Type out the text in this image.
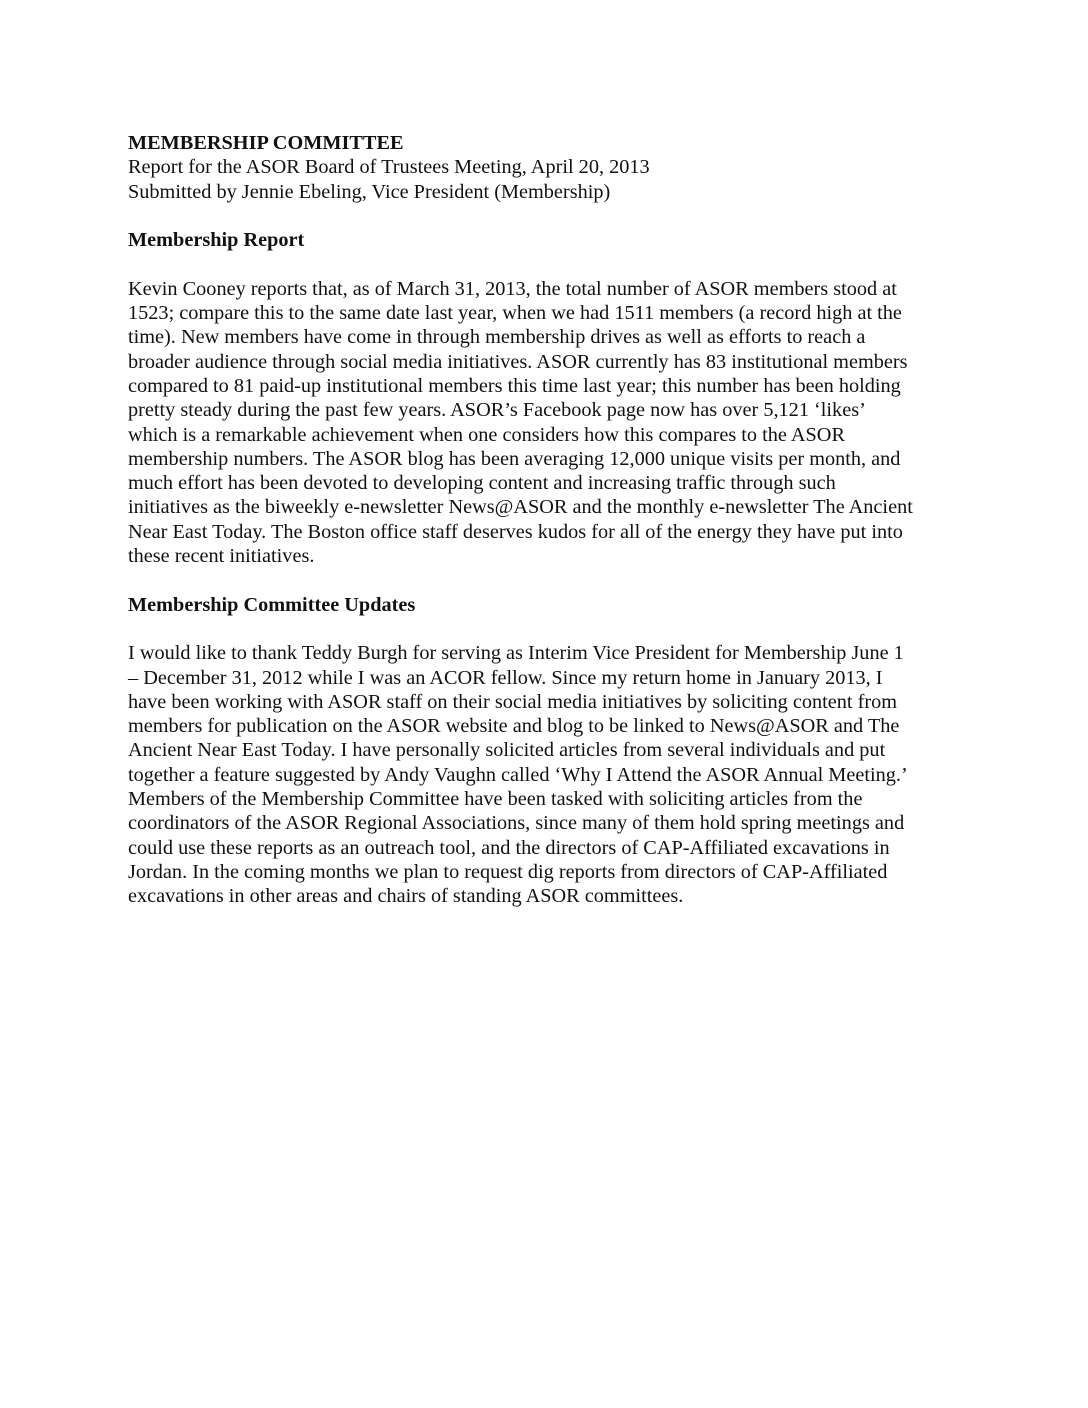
MEMBERSHIP COMMITTEE
Report for the ASOR Board of Trustees Meeting, April 20, 2013
Submitted by Jennie Ebeling, Vice President (Membership)
Membership Report
Kevin Cooney reports that, as of March 31, 2013, the total number of ASOR members stood at
1523; compare this to the same date last year, when we had 1511 members (a record high at the
time). New members have come in through membership drives as well as efforts to reach a
broader audience through social media initiatives. ASOR currently has 83 institutional members
compared to 81 paid-up institutional members this time last year; this number has been holding
pretty steady during the past few years. ASOR’s Facebook page now has over 5,121 ‘likes’
which is a remarkable achievement when one considers how this compares to the ASOR
membership numbers. The ASOR blog has been averaging 12,000 unique visits per month, and
much effort has been devoted to developing content and increasing traffic through such
initiatives as the biweekly e-newsletter News@ASOR and the monthly e-newsletter The Ancient
Near East Today. The Boston office staff deserves kudos for all of the energy they have put into
these recent initiatives.
Membership Committee Updates
I would like to thank Teddy Burgh for serving as Interim Vice President for Membership June 1
– December 31, 2012 while I was an ACOR fellow. Since my return home in January 2013, I
have been working with ASOR staff on their social media initiatives by soliciting content from
members for publication on the ASOR website and blog to be linked to News@ASOR and The
Ancient Near East Today. I have personally solicited articles from several individuals and put
together a feature suggested by Andy Vaughn called ‘Why I Attend the ASOR Annual Meeting.’
Members of the Membership Committee have been tasked with soliciting articles from the
coordinators of the ASOR Regional Associations, since many of them hold spring meetings and
could use these reports as an outreach tool, and the directors of CAP-Affiliated excavations in
Jordan. In the coming months we plan to request dig reports from directors of CAP-Affiliated
excavations in other areas and chairs of standing ASOR committees.
